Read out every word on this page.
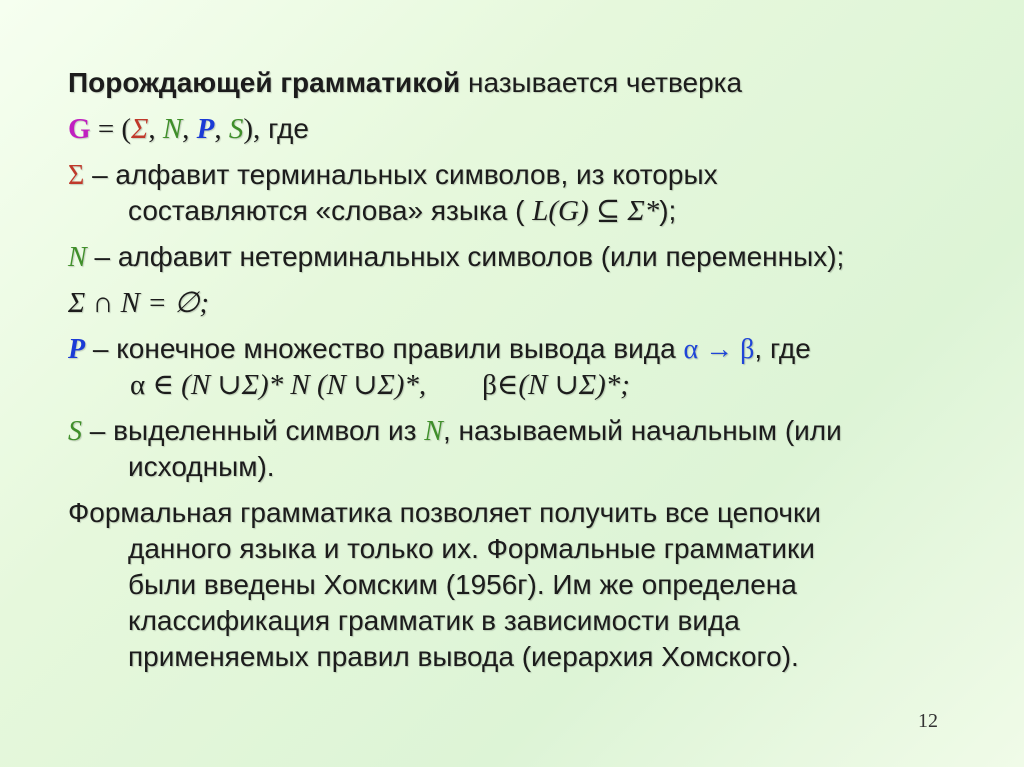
Порождающей грамматикой называется четверка
G = (Σ, N, P, S), где
Σ – алфавит терминальных символов, из которых
составляются «слова» языка ( L(G) ⊆ Σ*);
N – алфавит нетерминальных символов (или переменных);
Σ ∩ N = ∅;
P – конечное множество правили вывода вида α → β, где
α ∈ (N ∪Σ)* N (N ∪Σ)*, β∈(N ∪Σ)*;
S – выделенный символ из N, называемый начальным (или
исходным).
Формальная грамматика позволяет получить все цепочки
данного языка и только их. Формальные грамматики
были введены Хомским (1956г). Им же определена
классификация грамматик в зависимости вида
применяемых правил вывода (иерархия Хомского).
12
